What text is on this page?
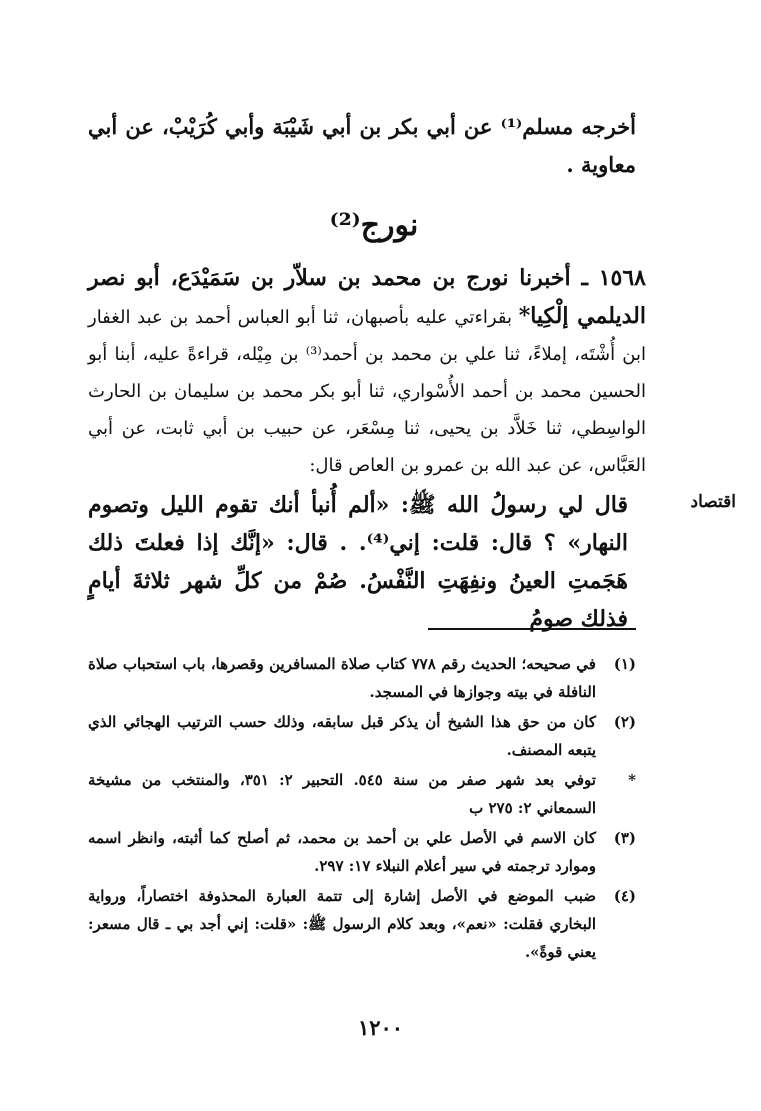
أخرجه مسلم⁽¹⁾ عن أبي بكر بن أبي شَيْبَة وأبي كُرَيْبْ، عن أبي معاوية .
نورج⁽²⁾
١٥٦٨ ـ أخبرنا نورج بن محمد بن سلاّر بن سَمَيْدَع، أبو نصر الديلمي إلْكِيا* بقراءتي عليه بأصبهان، ثنا أبو العباس أحمد بن عبد الغفار ابن أُشْتَه، إملاءً، ثنا علي بن محمد بن أحمد⁽³⁾ بن مِيْله، قراءةً عليه، أبنا أبو الحسين محمد بن أحمد الأُسْواري، ثنا أبو بكر محمد بن سليمان بن الحارث الواسِطي، ثنا خَلاَّد بن يحيى، ثنا مِسْعَر، عن حبيب بن أبي ثابت، عن أبي العَبَّاس، عن عبد الله بن عمرو بن العاص قال:
قال لي رسولُ الله ﷺ: «ألم أُنبأ أنك تقوم الليل وتصوم النهار» ؟ قال: قلت: إني⁽⁴⁾. . قال: «إنَّك إذا فعلتَ ذلك هَجَمتِ العينُ ونفِهَتِ النَّفْسُ. صُمْ من كلِّ شهر ثلاثةَ أيامٍ فذلك صومُ
اقتصاد
(١)
في صحيحه؛ الحديث رقم ٧٧٨ كتاب صلاة المسافرين وقصرها، باب استحباب صلاة النافلة في بيته وجوازها في المسجد.
(٢)
كان من حق هذا الشيخ أن يذكر قبل سابقه، وذلك حسب الترتيب الهجائي الذي يتبعه المصنف.
*
توفي بعد شهر صفر من سنة ٥٤٥. التحبير ٢: ٣٥١، والمنتخب من مشيخة السمعاني ٢: ٢٧٥ ب
(٣)
كان الاسم في الأصل علي بن أحمد بن محمد، ثم أصلح كما أثبته، وانظر اسمه وموارد ترجمته في سير أعلام النبلاء ١٧: ٢٩٧.
(٤)
ضبب الموضع في الأصل إشارة إلى تتمة العبارة المحذوفة اختصاراً، ورواية البخاري فقلت: «نعم»، وبعد كلام الرسول ﷺ: «قلت: إني أجد بي ـ قال مسعر: يعني قوةً».
١٢٠٠
